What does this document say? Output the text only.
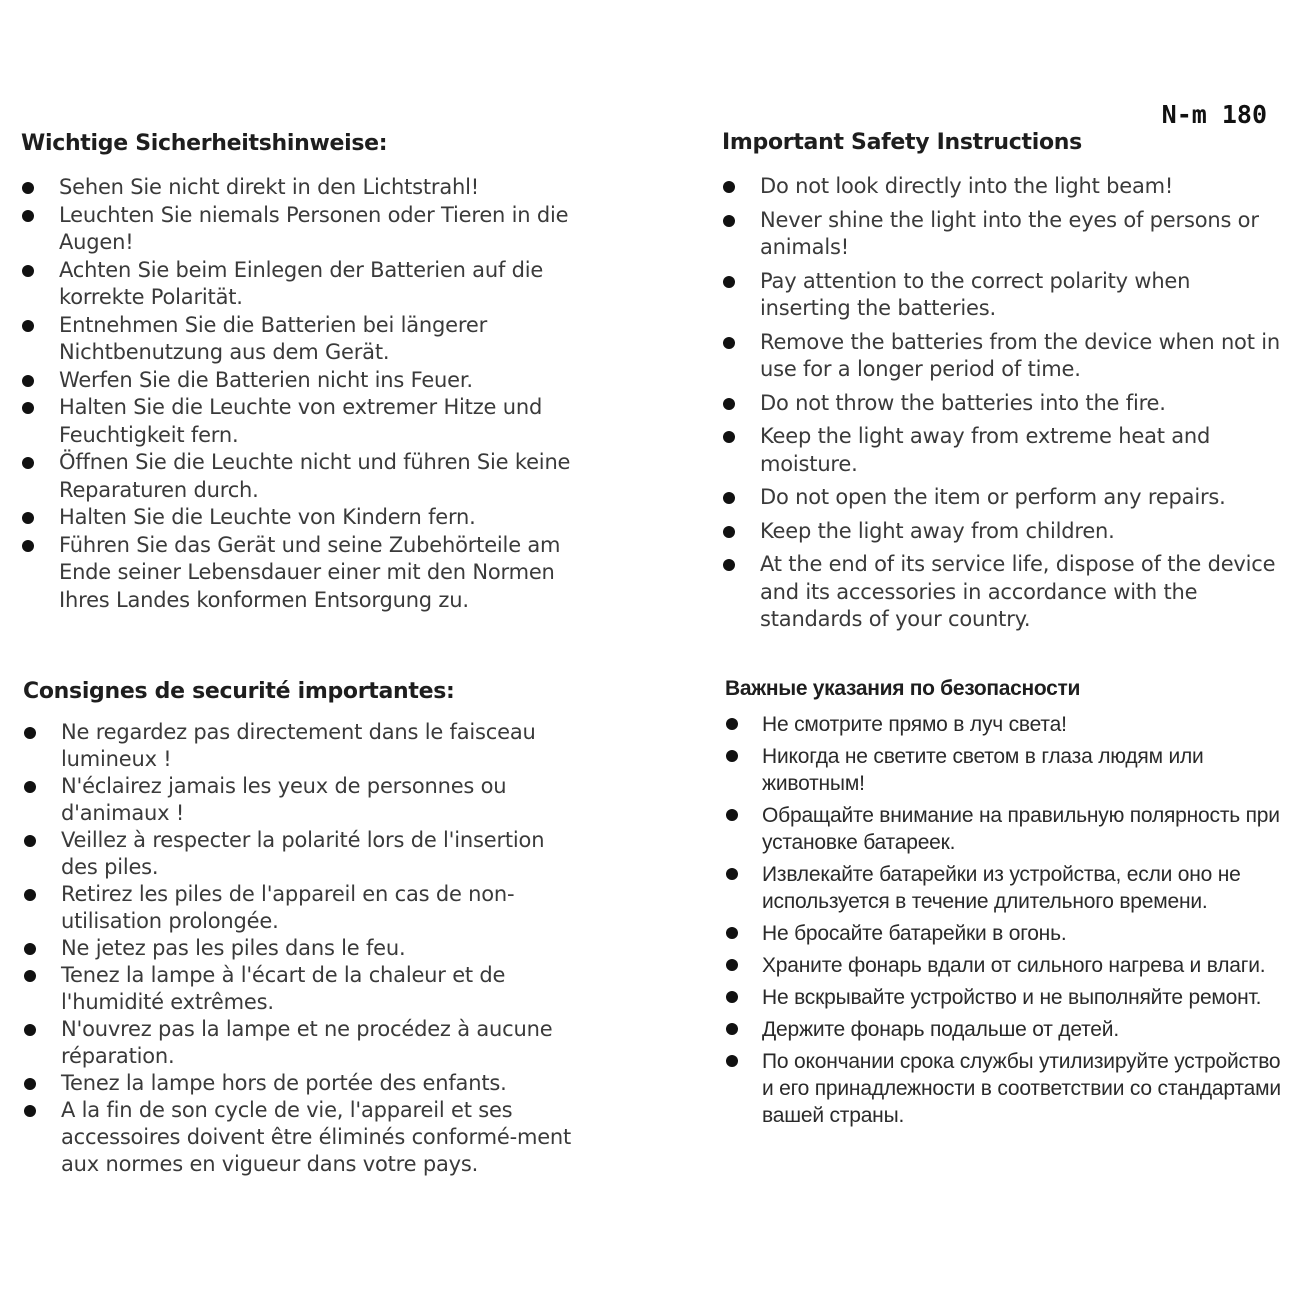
N-m 180
Wichtige Sicherheitshinweise:
Sehen Sie nicht direkt in den Lichtstrahl!
Leuchten Sie niemals Personen oder Tieren in die Augen!
Achten Sie beim Einlegen der Batterien auf die korrekte Polarität.
Entnehmen Sie die Batterien bei längerer Nichtbenutzung aus dem Gerät.
Werfen Sie die Batterien nicht ins Feuer.
Halten Sie die Leuchte von extremer Hitze und Feuchtigkeit fern.
Öffnen Sie die Leuchte nicht und führen Sie keine Reparaturen durch.
Halten Sie die Leuchte von Kindern fern.
Führen Sie das Gerät und seine Zubehörteile am Ende seiner Lebensdauer einer mit den Normen Ihres Landes konformen Entsorgung zu.
Important Safety Instructions
Do not look directly into the light beam!
Never shine the light into the eyes of persons or animals!
Pay attention to the correct polarity when inserting the batteries.
Remove the batteries from the device when not in use for a longer period of time.
Do not throw the batteries into the fire.
Keep the light away from extreme heat and moisture.
Do not open the item or perform any repairs.
Keep the light away from children.
At the end of its service life, dispose of the device and its accessories in accordance with the standards of your country.
Consignes de securité importantes:
Ne regardez pas directement dans le faisceau lumineux !
N'éclairez jamais les yeux de personnes ou d'animaux !
Veillez à respecter la polarité lors de l'insertion des piles.
Retirez les piles de l'appareil en cas de non-utilisation prolongée.
Ne jetez pas les piles dans le feu.
Tenez la lampe à l'écart de la chaleur et de l'humidité extrêmes.
N'ouvrez pas la lampe et ne procédez à aucune réparation.
Tenez la lampe hors de portée des enfants.
A la fin de son cycle de vie, l'appareil et ses accessoires doivent être éliminés conformé-ment aux normes en vigueur dans votre pays.
Важные указания по безопасности
Не смотрите прямо в луч света!
Никогда не светите светом в глаза людям или животным!
Обращайте внимание на правильную полярность при установке батареек.
Извлекайте батарейки из устройства, если оно не используется в течение длительного времени.
Не бросайте батарейки в огонь.
Храните фонарь вдали от сильного нагрева и влаги.
Не вскрывайте устройство и не выполняйте ремонт.
Держите фонарь подальше от детей.
По окончании срока службы утилизируйте устройство и его принадлежности в соответствии со стандартами вашей страны.
